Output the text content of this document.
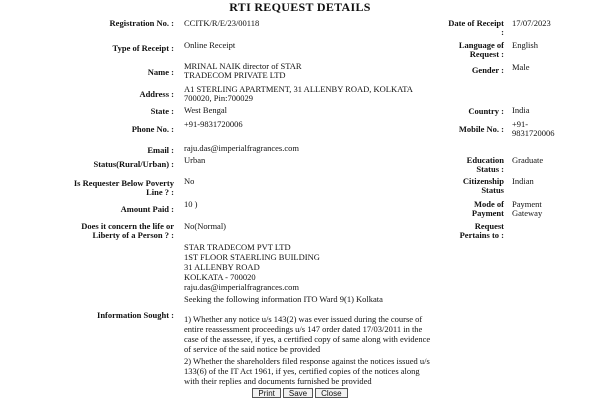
RTI REQUEST DETAILS
Registration No. : CCITK/R/E/23/00118
Type of Receipt : Online Receipt
Name :
MRINAL NAIK director of STAR
TRADECOM PRIVATE LTD
Address : A1 STERLING APARTMENT, 31 ALLENBY ROAD, KOLKATA
700020, Pin:700029
State : West Bengal
Phone No. : +91-9831720006
Email : raju.das@imperialfragrances.com
Status(Rural/Urban) : Urban
Is Requester Below Poverty
Line ? :
No
Amount Paid : 10 )
Does it concern the life or
Liberty of a Person ? :
No(Normal)
Information Sought :
Date of Receipt
:
17/07/2023
Language of
Request :
English
Gender : Male
Country : India
Mobile No. : +91-
9831720006
Education
Status :
Graduate
Citizenship
Status
Indian
Mode of
Payment
Payment
Gateway
Request
Pertains to :
STAR TRADECOM PVT LTD
1ST FLOOR STAERLING BUILDING
31 ALLENBY ROAD
KOLKATA - 700020
raju.das@imperialfragrances.com
Seeking the following information ITO Ward 9(1) Kolkata
1) Whether any notice u/s 143(2) was ever issued during the course of
entire reassessment proceedings u/s 147 order dated 17/03/2011 in the
case of the assessee, if yes, a certified copy of same along with evidence
of service of the said notice be provided
2) Whether the shareholders filed response against the notices issued u/s
133(6) of the IT Act 1961, if yes, certified copies of the notices along
with their replies and documents furnished be provided
Print	Save	Close
